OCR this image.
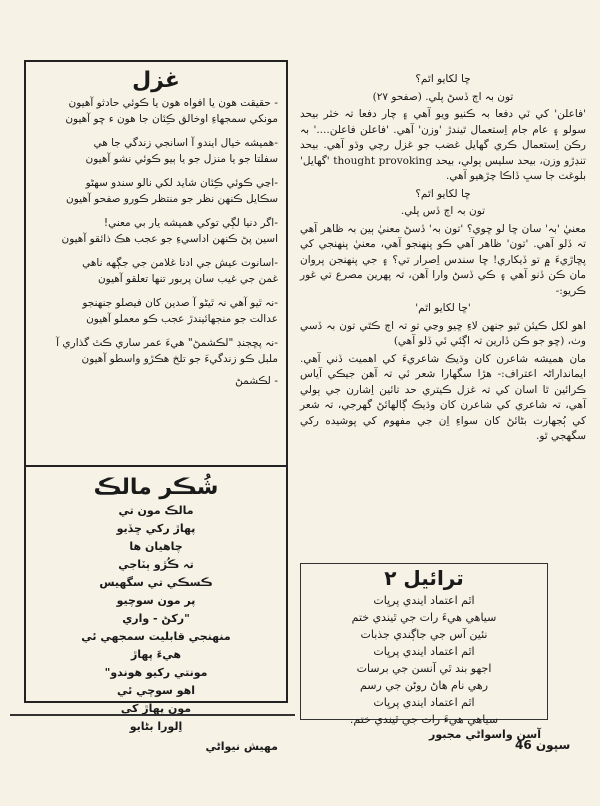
غزل
- حقيقت هون يا افواه هون يا ڪوئي حادثو آهيون
مونکي سمجهاءِ اوخالق ڪِئان جا هون ء ڇو آهيون
-هميشه خيال ايندو آ اسانجي زندگي جا هي
سفلتا جو يا منزل جو يا ٻيو ڪوئي نشو آهيون
-اڃي ڪوئي ڪِئان شايد لکي نالو سندو سهڻو
سڪايل ڪنهن نظر جو منتظر ڪورو صفحو آهيون
-اگر دنيا لڳي توکي هميشه يار بي معني!
اسين پڻ ڪنهن اداسيءِ جو عجب هڪ ذائقو آهيون
-اسانوت عيش جي ادنا غلامن جي جڳهه ناهي
غمن جي غيب سان پربور تنها تعلقو آهيون
-نہ ٿيو آهي نہ ٿيڻو آ صدين کان فيصلو جنهنجو
عدالت جو منجهائيندڙ عجب ڪو معملو آهيون
-نہ پڇجنڊ "لڪشمڻ" هيءَ عمر ساري ڪٿ گذاري آ
ملبل ڪو زندگيءَ جو تلخ هڪڙو واسطو آهيون
- لڪشمڻ
شُڪر مالڪ
مالڪ مون تي
پهاڙ رکي ڇڏيو
چاهيان ها
تہ ڪُڙو ٻٽاجي
ڪسڪي تي سگهيس
پر مون سوچيو
"رکڻ - واري
منهنجي قابليت سمجهي ئي
هيءَ پهاڙ
مونتي رکيو هوندو"
اهو سوچي ئي
مون پهاڙ کي
اِلورا بڻايو
مهيش نيواڻي

ڇا لکايو اٿم؟

تون بہ اڄ ڏسڻ پلي. (صفحو ٢٧)

'فاعلن' کي ٽي دفعا بہ ڪنيو ويو آهي ۽ چار دفعا تہ خٽر بيحد سولو ۽ عام جام اِستعمال ٿيندڙ 'وزن' آهي. 'فاعلن فاعلن....' بہ رڪن اِستعمال ڪري گهايل غضب جو غزل رچي وڌو آهي. بيحد تنڊڙو وزن، بيحد سليس ٻولي، بيحد thought provoking 'گهايل' بلوغت جا سڀ ڏاڪا چڙهيو آهي.

ڇا لکايو اٿم؟

تون بہ اڄ ڏس پلي.

معنيٰ 'بہ' سان ڇا لو ڇوي؟ 'تون بہ' ڏسڻ معنيٰ ٻين بہ ظاهر آهي تہ ڏلو آهي. 'تون' ظاهر آهي ڪو پنهنجو آهي، معنيٰ پنهنجي کي پڇاڙيءَ ۾ تو ڏيکاري! ڇا سندس اِصرار تي؟ ۽ جي پنهنجن پروان مان ڪن ڏنو آهي ۽ ڪي ڏسڻ وارا آهن، تہ پهرين مصرع تي غور ڪريو:-

'ڇا لکايو اٿم'

اهو لکل ڪيئن ٿيو جنهن لاءِ ڇيو وڃي تو تہ اڄ ڪٿي تون بہ ڏسي وٺ، (ڇو جو ڪن ڏارين تہ اڳئي ئي ڏلو آهي)

مان هميشه شاعرن کان وڌيڪ شاعريءَ کي اهميت ڏني آهي. ايمانداراڻہ اعتراف:- هڙا سگهارا شعر ئي تہ آهن جيڪي آياس ڪرائين ٿا اسان کي تہ غزل ڪيتري حد تائين اِشارن جي ٻولي آهي، تہ شاعري کي شاعرن کان وڌيڪ ڳالهائڻ گهرجي، تہ شعر کي ٻُجهارت بڻائڻ کان سواءِ اِن جي مفهوم کي پوشيده رکي سگهجي ٿو.

ترائيل ٢
اٿم اعتماد ايندي پرڀات
سياهي هيءَ رات جي ٿيندي ختم
نئين آس جي جاڳندي جذبات
اٿم اعتماد ايندي پرڀات
اجهو بند ٿي آنسن جي برسات
رهي نام هاڻ روڻن جي رسم
اٿم اعتماد ايندي پرڀات
سياهي هيءَ رات جي ٿيندي ختم.
آسن واسواڻي مجبور
سپون 46
